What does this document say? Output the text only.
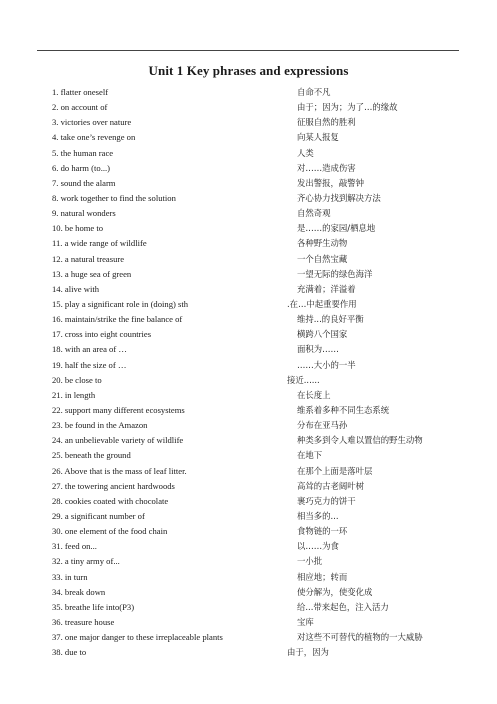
Unit 1 Key phrases and expressions
1. flatter oneself	自命不凡
2. on account of	由于；因为；为了…的缘故
3. victories over nature	征服自然的胜利
4. take one’s revenge on	向某人报复
5. the human race	人类
6. do harm (to...)	对……造成伤害
7. sound the alarm	发出警报，敲警钟
8. work together to find the solution	齐心协力找到解决方法
9. natural wonders	自然奇观
10. be home to	是……的家园/栖息地
11. a wide range of wildlife	各种野生动物
12. a natural treasure	一个自然宝藏
13. a huge sea of green	一望无际的绿色海洋
14. alive with	充满着；洋溢着
15. play a significant role in (doing) sth	.在…中起重要作用
16. maintain/strike the fine balance of	维持...的良好平衡
17. cross into eight countries	横跨八个国家
18. with an area of …	面积为……
19. half the size of …	……大小的一半
20. be close to	接近......
21. in length	在长度上
22. support many different ecosystems	维系着多种不同生态系统
23. be found in the Amazon	分布在亚马孙
24. an unbelievable variety of wildlife	种类多到令人难以置信的野生动物
25. beneath the ground	在地下
26. Above that is the mass of leaf litter.	在那个上面是落叶层
27. the towering ancient hardwoods	高耸的古老阔叶树
28. cookies coated with chocolate	裹巧克力的饼干
29. a significant number of	相当多的...
30. one element of the food chain	食物链的一环
31. feed on...	以……为食
32. a tiny army of...	一小批
33. in turn	相应地；转而
34. break down	使分解为，使变化成
35. breathe life into(P3)	给...带来起色，注入活力
36. treasure house	宝库
37. one major danger to these irreplaceable plants	对这些不可替代的植物的一大威胁
38. due to	由于，因为
